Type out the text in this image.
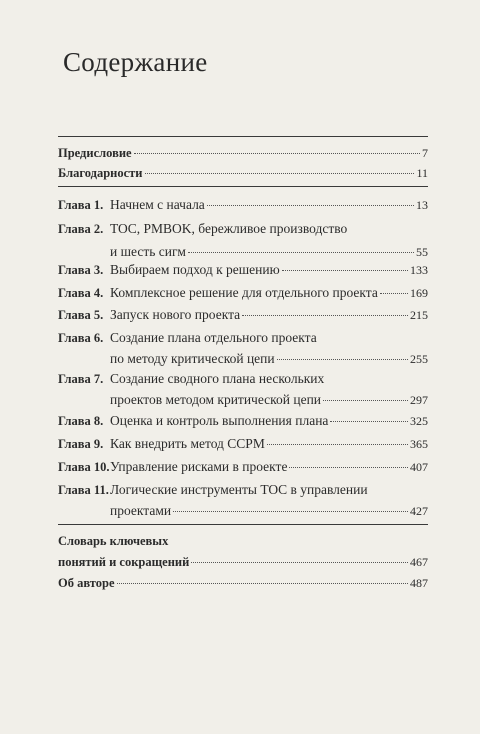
Содержание
Предисловие	7
Благодарности	11
Глава 1. Начнем с начала	13
Глава 2. TOC, PMBOK, бережливое производство
и шесть сигм	55
Глава 3. Выбираем подход к решению	133
Глава 4. Комплексное решение для отдельного проекта	169
Глава 5. Запуск нового проекта	215
Глава 6. Создание плана отдельного проекта
по методу критической цепи	255
Глава 7. Создание сводного плана нескольких
проектов методом критической цепи	297
Глава 8. Оценка и контроль выполнения плана	325
Глава 9. Как внедрить метод CCPM	365
Глава 10. Управление рисками в проекте	407
Глава 11. Логические инструменты TOC в управлении
проектами	427
Словарь ключевых
понятий и сокращений	467
Об авторе	487
